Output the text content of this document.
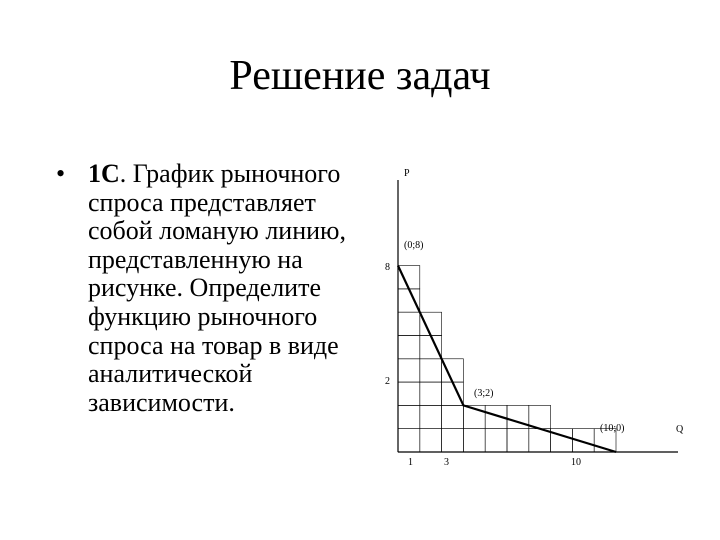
Решение задач
• 1С. График рыночного спроса представляет собой ломаную линию, представленную на рисунке. Определите функцию рыночного спроса на товар в виде аналитической зависимости.
P
Q
8
2
1	3	10
(0;8)
(3;2)
(10;0)
